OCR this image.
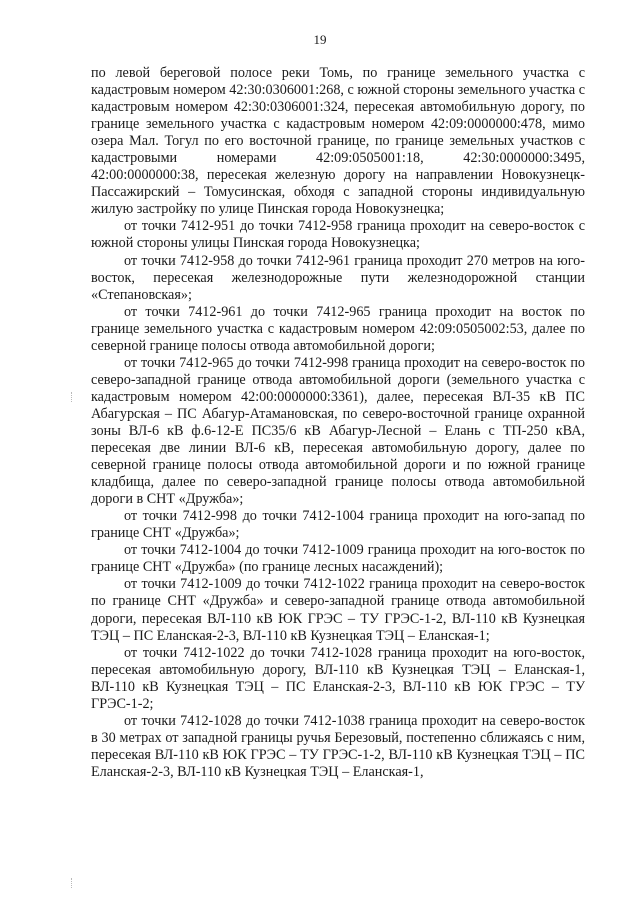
19

по левой береговой полосе реки Томь, по границе земельного участка с кадастровым номером 42:30:0306001:268, с южной стороны земельного участка с кадастровым номером 42:30:0306001:324, пересекая автомобильную дорогу, по границе земельного участка с кадастровым номером 42:09:0000000:478, мимо озера Мал. Тогул по его восточной границе, по границе земельных участков с кадастровыми номерами 42:09:0505001:18, 42:30:0000000:3495, 42:00:0000000:38, пересекая железную дорогу на направлении Новокузнецк-Пассажирский – Томусинская, обходя с западной стороны индивидуальную жилую застройку по улице Пинская города Новокузнецка;

от точки 7412-951 до точки 7412-958 граница проходит на северо-восток с южной стороны улицы Пинская города Новокузнецка;

от точки 7412-958 до точки 7412-961 граница проходит 270 метров на юго-восток, пересекая железнодорожные пути железнодорожной станции «Степановская»;

от точки 7412-961 до точки 7412-965 граница проходит на восток по границе земельного участка с кадастровым номером 42:09:0505002:53, далее по северной границе полосы отвода автомобильной дороги;

от точки 7412-965 до точки 7412-998 граница проходит на северо-восток по северо-западной границе отвода автомобильной дороги (земельного участка с кадастровым номером 42:00:0000000:3361), далее, пересекая ВЛ-35 кВ ПС Абагурская – ПС Абагур-Атамановская, по северо-восточной границе охранной зоны ВЛ-6 кВ ф.6-12-Е ПС35/6 кВ Абагур-Лесной – Елань с ТП-250 кВА, пересекая две линии ВЛ-6 кВ, пересекая автомобильную дорогу, далее по северной границе полосы отвода автомобильной дороги и по южной границе кладбища, далее по северо-западной границе полосы отвода автомобильной дороги в СНТ «Дружба»;

от точки 7412-998 до точки 7412-1004 граница проходит на юго-запад по границе СНТ «Дружба»;

от точки 7412-1004 до точки 7412-1009 граница проходит на юго-восток по границе СНТ «Дружба» (по границе лесных насаждений);

от точки 7412-1009 до точки 7412-1022 граница проходит на северо-восток по границе СНТ «Дружба» и северо-западной границе отвода автомобильной дороги, пересекая ВЛ-110 кВ ЮК ГРЭС – ТУ ГРЭС-1-2, ВЛ-110 кВ Кузнецкая ТЭЦ – ПС Еланская-2-3, ВЛ-110 кВ Кузнецкая ТЭЦ – Еланская-1;

от точки 7412-1022 до точки 7412-1028 граница проходит на юго-восток, пересекая автомобильную дорогу, ВЛ-110 кВ Кузнецкая ТЭЦ – Еланская-1, ВЛ-110 кВ Кузнецкая ТЭЦ – ПС Еланская-2-3, ВЛ-110 кВ ЮК ГРЭС – ТУ ГРЭС-1-2;

от точки 7412-1028 до точки 7412-1038 граница проходит на северо-восток в 30 метрах от западной границы ручья Березовый, постепенно сближаясь с ним, пересекая ВЛ-110 кВ ЮК ГРЭС – ТУ ГРЭС-1-2, ВЛ-110 кВ Кузнецкая ТЭЦ – ПС Еланская-2-3, ВЛ-110 кВ Кузнецкая ТЭЦ – Еланская-1,
